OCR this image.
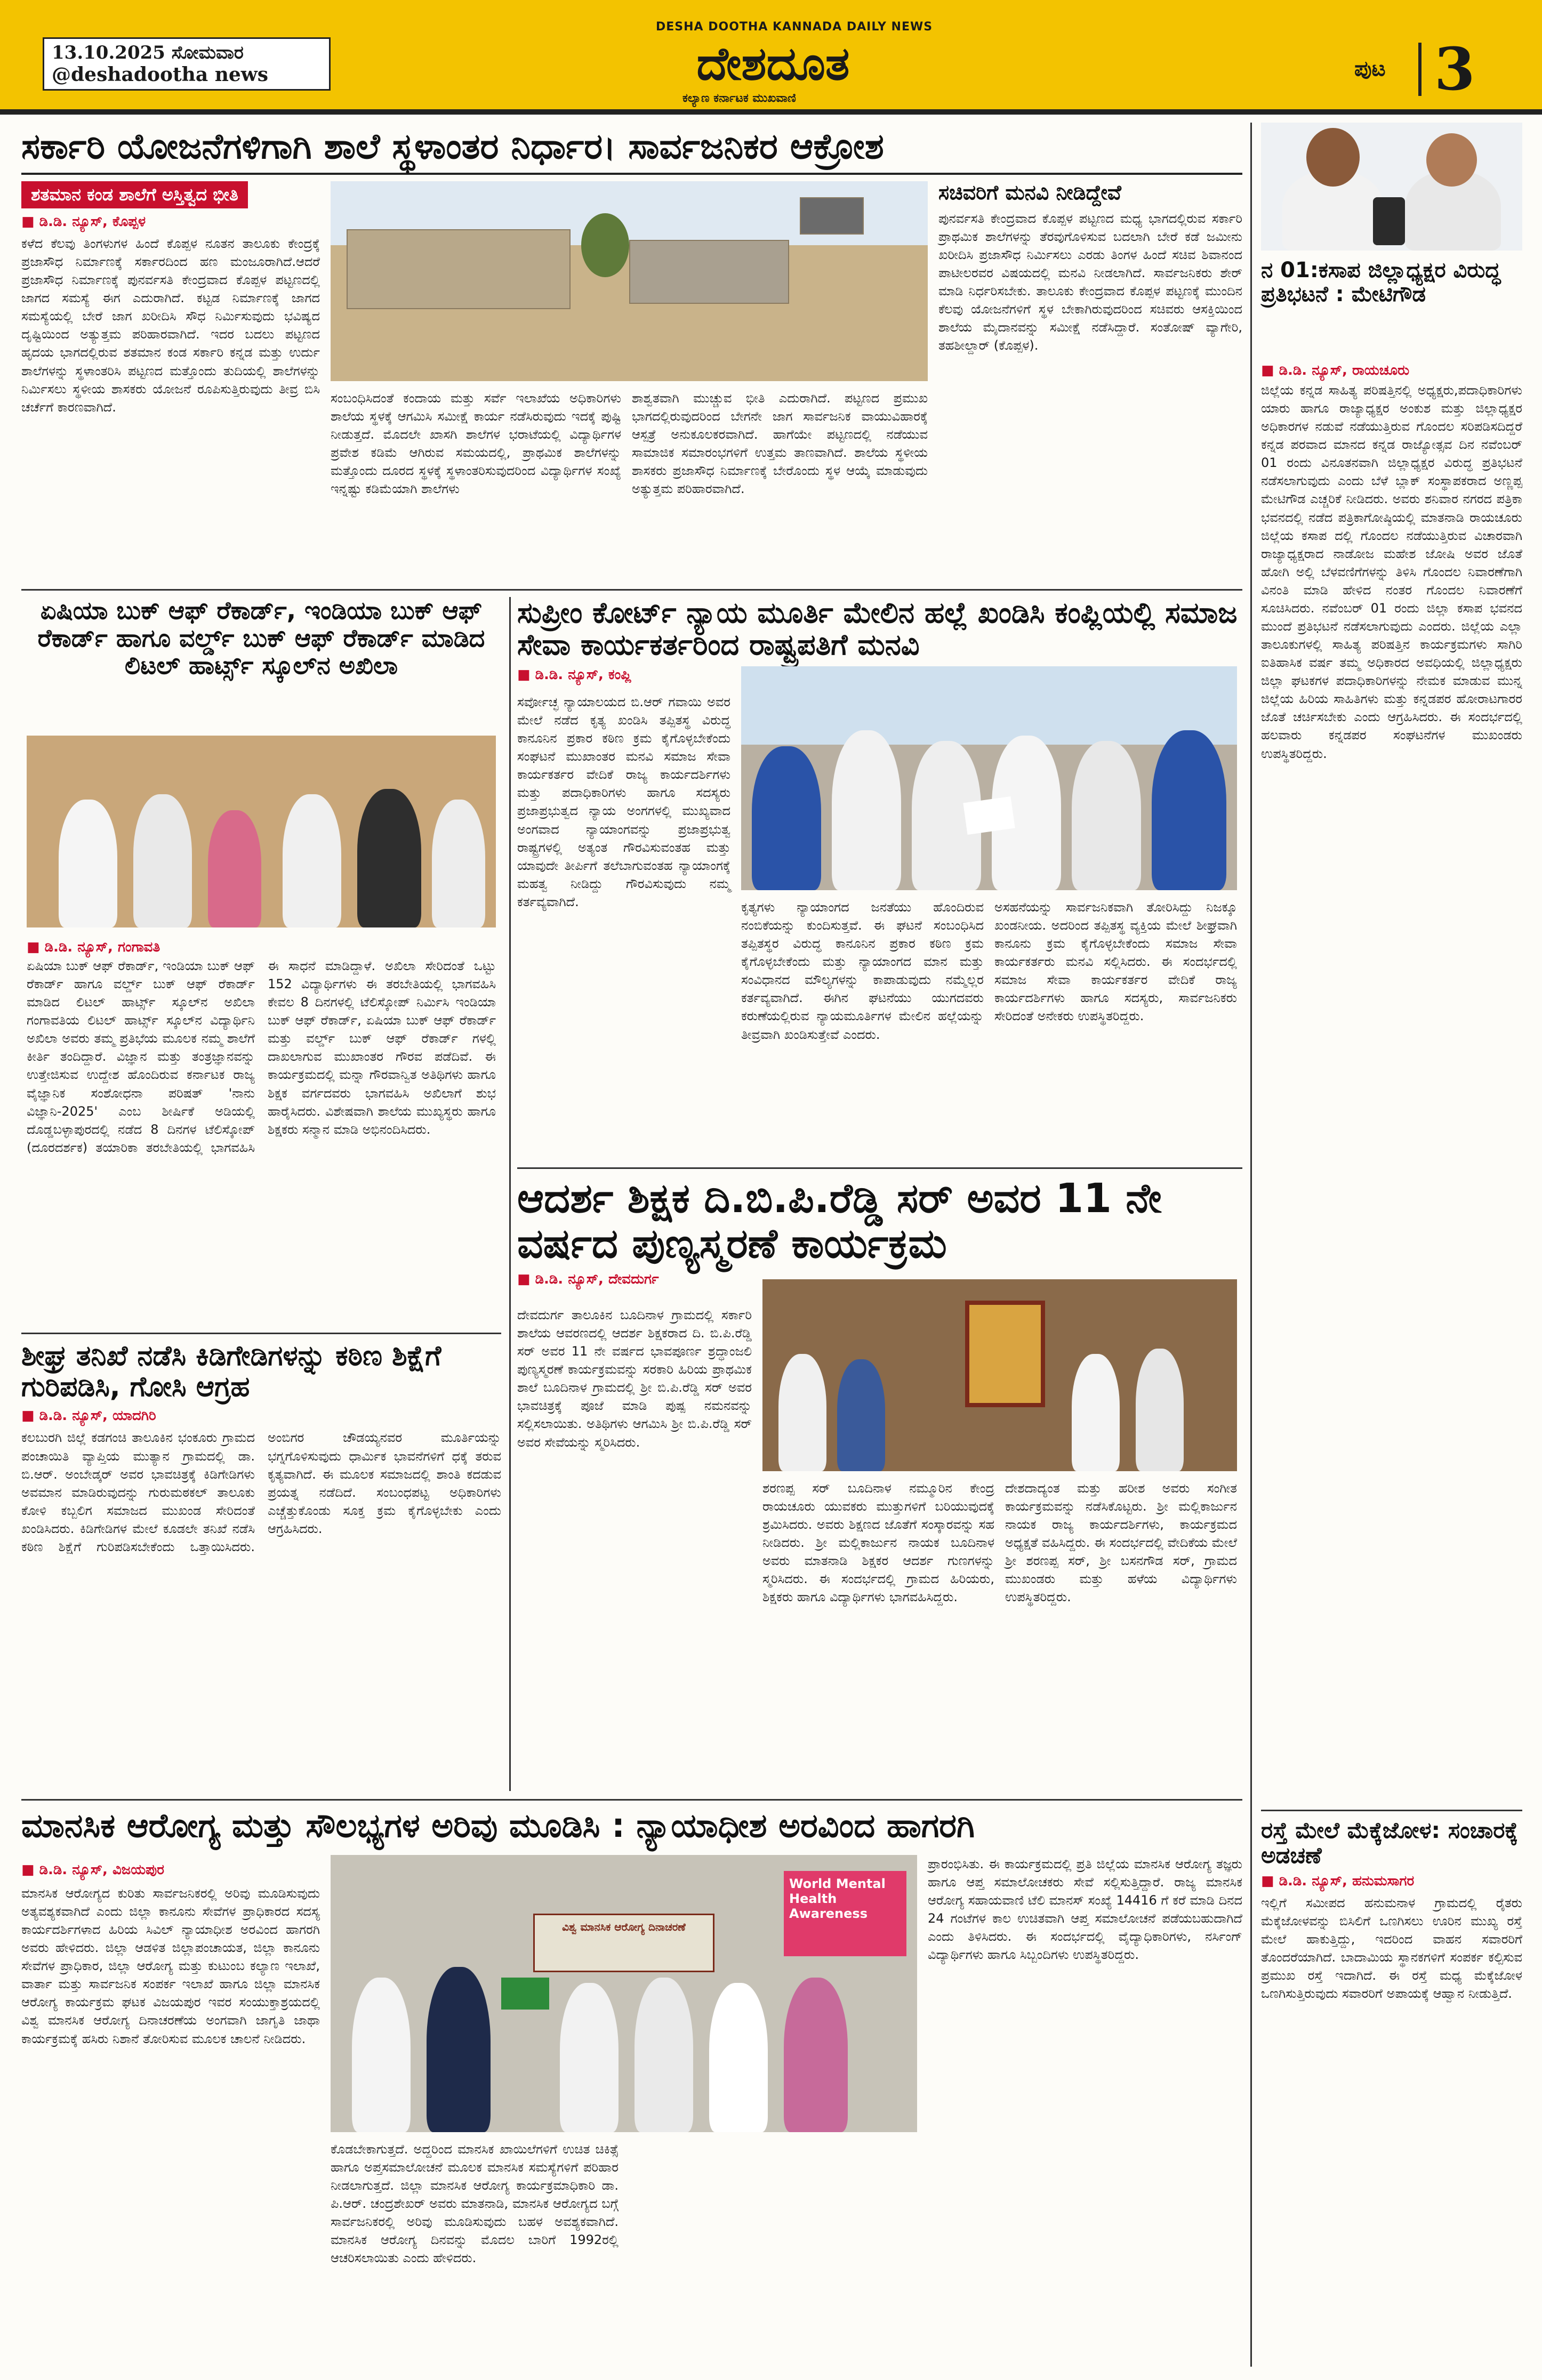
13.10.2025 ಸೋಮವಾರ
@deshadootha news
DESHA DOOTHA KANNADA DAILY NEWS
ದೇಶದೂತ
ಕಲ್ಯಾಣ ಕರ್ನಾಟಕ ಮುಖವಾಣಿ
ಪುಟ 3
ಸರ್ಕಾರಿ ಯೋಜನೆಗಳಿಗಾಗಿ ಶಾಲೆ ಸ್ಥಳಾಂತರ ನಿರ್ಧಾರ। ಸಾರ್ವಜನಿಕರ ಆಕ್ರೋಶ
ಶತಮಾನ ಕಂಡ ಶಾಲೆಗೆ ಅಸ್ತಿತ್ವದ ಭೀತಿ
■ ಡಿ.ಡಿ. ನ್ಯೂಸ್, ಕೊಪ್ಪಳ

ಕಳೆದ ಕೆಲವು ತಿಂಗಳುಗಳ ಹಿಂದೆ ಕೊಪ್ಪಳ ನೂತನ ತಾಲೂಕು ಕೇಂದ್ರಕ್ಕೆ ಪ್ರಜಾಸೌಧ ನಿರ್ಮಾಣಕ್ಕೆ ಸರ್ಕಾರದಿಂದ ಹಣ ಮಂಜೂರಾಗಿದೆ.ಆದರೆ ಪ್ರಜಾಸೌಧ ನಿರ್ಮಾಣಕ್ಕೆ ಪುನರ್ವಸತಿ ಕೇಂದ್ರವಾದ ಕೊಪ್ಪಳ ಪಟ್ಟಣದಲ್ಲಿ ಜಾಗದ ಸಮಸ್ಯೆ ಈಗ ಎದುರಾಗಿದೆ. ಕಟ್ಟಡ ನಿರ್ಮಾಣಕ್ಕೆ ಜಾಗದ ಸಮಸ್ಯೆಯಲ್ಲಿ ಬೇರೆ ಜಾಗ ಖರೀದಿಸಿ ಸೌಧ ನಿರ್ಮಿಸುವುದು ಭವಿಷ್ಯದ ದೃಷ್ಟಿಯಿಂದ ಅತ್ಯುತ್ತಮ ಪರಿಹಾರವಾಗಿದೆ. ಇದರ ಬದಲು ಪಟ್ಟಣದ ಹೃದಯ ಭಾಗದಲ್ಲಿರುವ ಶತಮಾನ ಕಂಡ ಸರ್ಕಾರಿ ಕನ್ನಡ ಮತ್ತು ಉರ್ದು ಶಾಲೆಗಳನ್ನು ಸ್ಥಳಾಂತರಿಸಿ ಪಟ್ಟಣದ ಮತ್ತೊಂದು ತುದಿಯಲ್ಲಿ ಶಾಲೆಗಳನ್ನು ನಿರ್ಮಿಸಲು ಸ್ಥಳೀಯ ಶಾಸಕರು ಯೋಜನೆ ರೂಪಿಸುತ್ತಿರುವುದು ತೀವ್ರ ಬಿಸಿ ಚರ್ಚೆಗೆ ಕಾರಣವಾಗಿದೆ.

ಸಂಬಂಧಿಸಿದಂತೆ ಕಂದಾಯ ಮತ್ತು ಸರ್ವೆ ಇಲಾಖೆಯ ಅಧಿಕಾರಿಗಳು ಶಾಲೆಯ ಸ್ಥಳಕ್ಕೆ ಆಗಮಿಸಿ ಸಮೀಕ್ಷೆ ಕಾರ್ಯ ನಡೆಸಿರುವುದು ಇದಕ್ಕೆ ಪುಷ್ಟಿ ನೀಡುತ್ತದೆ. ಮೊದಲೇ ಖಾಸಗಿ ಶಾಲೆಗಳ ಭರಾಟೆಯಲ್ಲಿ ವಿದ್ಯಾರ್ಥಿಗಳ ಪ್ರವೇಶ ಕಡಿಮೆ ಆಗಿರುವ ಸಮಯದಲ್ಲಿ, ಪ್ರಾಥಮಿಕ ಶಾಲೆಗಳನ್ನು ಮತ್ತೊಂದು ದೂರದ ಸ್ಥಳಕ್ಕೆ ಸ್ಥಳಾಂತರಿಸುವುದರಿಂದ ವಿದ್ಯಾರ್ಥಿಗಳ ಸಂಖ್ಯೆ ಇನ್ನಷ್ಟು ಕಡಿಮೆಯಾಗಿ ಶಾಲೆಗಳು

ಶಾಶ್ವತವಾಗಿ ಮುಚ್ಚುವ ಭೀತಿ ಎದುರಾಗಿದೆ. ಪಟ್ಟಣದ ಪ್ರಮುಖ ಭಾಗದಲ್ಲಿರುವುದರಿಂದ ಬೇಗನೇ ಜಾಗ ಸಾರ್ವಜನಿಕ ವಾಯುವಿಹಾರಕ್ಕೆ ಆಸ್ಪತ್ರೆ ಅನುಕೂಲಕರವಾಗಿದೆ. ಹಾಗೆಯೇ ಪಟ್ಟಣದಲ್ಲಿ ನಡೆಯುವ ಸಾಮಾಜಿಕ ಸಮಾರಂಭಗಳಿಗೆ ಉತ್ತಮ ತಾಣವಾಗಿದೆ. ಶಾಲೆಯ ಸ್ಥಳೀಯ ಶಾಸಕರು ಪ್ರಜಾಸೌಧ ನಿರ್ಮಾಣಕ್ಕೆ ಬೇರೊಂದು ಸ್ಥಳ ಆಯ್ಕೆ ಮಾಡುವುದು ಅತ್ಯುತ್ತಮ ಪರಿಹಾರವಾಗಿದೆ.

ಸಚಿವರಿಗೆ ಮನವಿ ನೀಡಿದ್ದೇವೆ

ಪುನರ್ವಸತಿ ಕೇಂದ್ರವಾದ ಕೊಪ್ಪಳ ಪಟ್ಟಣದ ಮಧ್ಯ ಭಾಗದಲ್ಲಿರುವ ಸರ್ಕಾರಿ ಪ್ರಾಥಮಿಕ ಶಾಲೆಗಳನ್ನು ತೆರವುಗೊಳಿಸುವ ಬದಲಾಗಿ ಬೇರೆ ಕಡೆ ಜಮೀನು ಖರೀದಿಸಿ ಪ್ರಜಾಸೌಧ ನಿರ್ಮಿಸಲು ಎರಡು ತಿಂಗಳ ಹಿಂದೆ ಸಚಿವ ಶಿವಾನಂದ ಪಾಟೀಲರವರ ವಿಷಯದಲ್ಲಿ ಮನವಿ ನೀಡಲಾಗಿದೆ. ಸಾರ್ವಜನಿಕರು ಶೇರ್ ಮಾಡಿ ನಿರ್ಧರಿಸಬೇಕು. ತಾಲೂಕು ಕೇಂದ್ರವಾದ ಕೊಪ್ಪಳ ಪಟ್ಟಣಕ್ಕೆ ಮುಂದಿನ ಕೆಲವು ಯೋಜನೆಗಳಿಗೆ ಸ್ಥಳ ಬೇಕಾಗಿರುವುದರಿಂದ ಸಚಿವರು ಆಸಕ್ತಿಯಿಂದ ಶಾಲೆಯ ಮೈದಾನವನ್ನು ಸಮೀಕ್ಷೆ ನಡೆಸಿದ್ದಾರೆ. ಸಂತೋಷ್ ವ್ಯಾಗೇರಿ, ತಹಶೀಲ್ದಾರ್ (ಕೊಪ್ಪಳ).

ನ 01:ಕಸಾಪ ಜಿಲ್ಲಾಧ್ಯಕ್ಷರ ವಿರುದ್ಧ ಪ್ರತಿಭಟನೆ : ಮೇಟಿಗೌಡ
■ ಡಿ.ಡಿ. ನ್ಯೂಸ್, ರಾಯಚೂರು

ಜಿಲ್ಲೆಯ ಕನ್ನಡ ಸಾಹಿತ್ಯ ಪರಿಷತ್ತಿನಲ್ಲಿ ಅಧ್ಯಕ್ಷರು,ಪದಾಧಿಕಾರಿಗಳು ಯಾರು ಹಾಗೂ ರಾಜ್ಯಾಧ್ಯಕ್ಷರ ಅಂಕುಶ ಮತ್ತು ಜಿಲ್ಲಾಧ್ಯಕ್ಷರ ಅಧಿಕಾರಗಳ ನಡುವೆ ನಡೆಯುತ್ತಿರುವ ಗೊಂದಲ ಸರಿಪಡಿಸದಿದ್ದರೆ ಕನ್ನಡ ಪರವಾದ ಮಾನದ ಕನ್ನಡ ರಾಜ್ಯೋತ್ಸವ ದಿನ ನವೆಂಬರ್ 01 ರಂದು ವಿನೂತನವಾಗಿ ಜಿಲ್ಲಾಧ್ಯಕ್ಷರ ವಿರುದ್ಧ ಪ್ರತಿಭಟನೆ ನಡೆಸಲಾಗುವುದು ಎಂದು ಬೆಳೆ ಬ್ಲಾಕ್ ಸಂಸ್ಥಾಪಕರಾದ ಅಣ್ಣಪ್ಪ ಮೇಟಿಗೌಡ ಎಚ್ಚರಿಕೆ ನೀಡಿದರು. ಅವರು ಶನಿವಾರ ನಗರದ ಪತ್ರಿಕಾ ಭವನದಲ್ಲಿ ನಡೆದ ಪತ್ರಿಕಾಗೋಷ್ಠಿಯಲ್ಲಿ ಮಾತನಾಡಿ ರಾಯಚೂರು ಜಿಲ್ಲೆಯ ಕಸಾಪ ದಲ್ಲಿ ಗೊಂದಲ ನಡೆಯುತ್ತಿರುವ ವಿಚಾರವಾಗಿ ರಾಜ್ಯಾಧ್ಯಕ್ಷರಾದ ನಾಡೋಜ ಮಹೇಶ ಜೋಷಿ ಅವರ ಜೊತೆ ಹೋಗಿ ಅಲ್ಲಿ ಬೆಳವಣಿಗೆಗಳನ್ನು ತಿಳಿಸಿ ಗೊಂದಲ ನಿವಾರಣೆಗಾಗಿ ವಿನಂತಿ ಮಾಡಿ ಹೇಳಿದ ನಂತರ ಗೊಂದಲ ನಿವಾರಣೆಗೆ ಸೂಚಿಸಿದರು. ನವೆಂಬರ್ 01 ರಂದು ಜಿಲ್ಲಾ ಕಸಾಪ ಭವನದ ಮುಂದೆ ಪ್ರತಿಭಟನೆ ನಡೆಸಲಾಗುವುದು ಎಂದರು. ಜಿಲ್ಲೆಯ ಎಲ್ಲಾ ತಾಲೂಕುಗಳಲ್ಲಿ ಸಾಹಿತ್ಯ ಪರಿಷತ್ತಿನ ಕಾರ್ಯಕ್ರಮಗಳು ಸಾಗಿರಿ ಐತಿಹಾಸಿಕ ವರ್ಷ ತಮ್ಮ ಅಧಿಕಾರದ ಅವಧಿಯಲ್ಲಿ ಜಿಲ್ಲಾಧ್ಯಕ್ಷರು ಜಿಲ್ಲಾ ಘಟಕಗಳ ಪದಾಧಿಕಾರಿಗಳನ್ನು ನೇಮಕ ಮಾಡುವ ಮುನ್ನ ಜಿಲ್ಲೆಯ ಹಿರಿಯ ಸಾಹಿತಿಗಳು ಮತ್ತು ಕನ್ನಡಪರ ಹೋರಾಟಗಾರರ ಜೊತೆ ಚರ್ಚಿಸಬೇಕು ಎಂದು ಆಗ್ರಹಿಸಿದರು. ಈ ಸಂದರ್ಭದಲ್ಲಿ ಹಲವಾರು ಕನ್ನಡಪರ ಸಂಘಟನೆಗಳ ಮುಖಂಡರು ಉಪಸ್ಥಿತರಿದ್ದರು.

ರಸ್ತೆ ಮೇಲೆ ಮೆಕ್ಕೆಜೋಳ: ಸಂಚಾರಕ್ಕೆ ಅಡಚಣೆ
■ ಡಿ.ಡಿ. ನ್ಯೂಸ್, ಹನುಮಸಾಗರ

ಇಲ್ಲಿಗೆ ಸಮೀಪದ ಹನುಮನಾಳ ಗ್ರಾಮದಲ್ಲಿ ರೈತರು ಮೆಕ್ಕೆಜೋಳವನ್ನು ಬಿಸಿಲಿಗೆ ಒಣಗಿಸಲು ಊರಿನ ಮುಖ್ಯ ರಸ್ತೆ ಮೇಲೆ ಹಾಕುತ್ತಿದ್ದು, ಇದರಿಂದ ವಾಹನ ಸವಾರರಿಗೆ ತೊಂದರೆಯಾಗಿದೆ. ಬಾದಾಮಿಯ ಸ್ಥಾನಕಗಳಿಗೆ ಸಂಪರ್ಕ ಕಲ್ಪಿಸುವ ಪ್ರಮುಖ ರಸ್ತೆ ಇದಾಗಿದೆ. ಈ ರಸ್ತೆ ಮಧ್ಯ ಮೆಕ್ಕೆಜೋಳ ಒಣಗಿಸುತ್ತಿರುವುದು ಸವಾರರಿಗೆ ಅಪಾಯಕ್ಕೆ ಆಹ್ವಾನ ನೀಡುತ್ತಿದೆ.

ಏಷಿಯಾ ಬುಕ್ ಆಫ್ ರೆಕಾರ್ಡ್, ಇಂಡಿಯಾ ಬುಕ್ ಆಫ್ ರೆಕಾರ್ಡ್ ಹಾಗೂ ವರ್ಲ್ಡ್ ಬುಕ್ ಆಫ್ ರೆಕಾರ್ಡ್ ಮಾಡಿದ ಲಿಟಲ್ ಹಾರ್ಟ್ಸ್ ಸ್ಕೂಲ್‌ನ ಅಖಿಲಾ
■ ಡಿ.ಡಿ. ನ್ಯೂಸ್, ಗಂಗಾವತಿ

ಏಷಿಯಾ ಬುಕ್ ಆಫ್ ರೆಕಾರ್ಡ್, ಇಂಡಿಯಾ ಬುಕ್ ಆಫ್ ರೆಕಾರ್ಡ್ ಹಾಗೂ ವರ್ಲ್ಡ್ ಬುಕ್ ಆಫ್ ರೆಕಾರ್ಡ್ ಮಾಡಿದ ಲಿಟಲ್ ಹಾರ್ಟ್ಸ್ ಸ್ಕೂಲ್‌ನ ಅಖಿಲಾ ಗಂಗಾವತಿಯ ಲಿಟಲ್ ಹಾರ್ಟ್ಸ್ ಸ್ಕೂಲ್‌ನ ವಿದ್ಯಾರ್ಥಿನಿ ಅಖಿಲಾ ಅವರು ತಮ್ಮ ಪ್ರತಿಭೆಯ ಮೂಲಕ ನಮ್ಮ ಶಾಲೆಗೆ ಕೀರ್ತಿ ತಂದಿದ್ದಾರೆ. ವಿಜ್ಞಾನ ಮತ್ತು ತಂತ್ರಜ್ಞಾನವನ್ನು ಉತ್ತೇಜಿಸುವ ಉದ್ದೇಶ ಹೊಂದಿರುವ ಕರ್ನಾಟಕ ರಾಜ್ಯ ವೈಜ್ಞಾನಿಕ ಸಂಶೋಧನಾ ಪರಿಷತ್ 'ನಾನು ವಿಜ್ಞಾನಿ-2025' ಎಂಬ ಶೀರ್ಷಿಕೆ ಅಡಿಯಲ್ಲಿ ದೊಡ್ಡಬಳ್ಳಾಪುರದಲ್ಲಿ ನಡೆದ 8 ದಿನಗಳ ಟೆಲಿಸ್ಕೋಪ್ (ದೂರದರ್ಶಕ) ತಯಾರಿಕಾ ತರಬೇತಿಯಲ್ಲಿ ಭಾಗವಹಿಸಿ ಈ ಸಾಧನೆ ಮಾಡಿದ್ದಾಳೆ. ಅಖಿಲಾ ಸೇರಿದಂತೆ ಒಟ್ಟು 152 ವಿದ್ಯಾರ್ಥಿಗಳು ಈ ತರಬೇತಿಯಲ್ಲಿ ಭಾಗವಹಿಸಿ ಕೇವಲ 8 ದಿನಗಳಲ್ಲಿ ಟೆಲಿಸ್ಕೋಪ್ ನಿರ್ಮಿಸಿ ಇಂಡಿಯಾ ಬುಕ್ ಆಫ್ ರೆಕಾರ್ಡ್, ಏಷಿಯಾ ಬುಕ್ ಆಫ್ ರೆಕಾರ್ಡ್ ಮತ್ತು ವರ್ಲ್ಡ್ ಬುಕ್ ಆಫ್ ರೆಕಾರ್ಡ್ ಗಳಲ್ಲಿ ದಾಖಲಾಗುವ ಮುಖಾಂತರ ಗೌರವ ಪಡೆದಿವೆ. ಈ ಕಾರ್ಯಕ್ರಮದಲ್ಲಿ ಮನ್ನಾ ಗೌರವಾನ್ವಿತ ಅತಿಥಿಗಳು ಹಾಗೂ ಶಿಕ್ಷಕ ವರ್ಗದವರು ಭಾಗವಹಿಸಿ ಅಖಿಲಾಗೆ ಶುಭ ಹಾರೈಸಿದರು. ವಿಶೇಷವಾಗಿ ಶಾಲೆಯ ಮುಖ್ಯಸ್ಥರು ಹಾಗೂ ಶಿಕ್ಷಕರು ಸನ್ಮಾನ ಮಾಡಿ ಅಭಿನಂದಿಸಿದರು.

ಸುಪ್ರೀಂ ಕೋರ್ಟ್ ನ್ಯಾಯ ಮೂರ್ತಿ ಮೇಲಿನ ಹಲ್ಲೆ ಖಂಡಿಸಿ ಕಂಪ್ಲಿಯಲ್ಲಿ ಸಮಾಜ ಸೇವಾ ಕಾರ್ಯಕರ್ತರಿಂದ ರಾಷ್ಟ್ರಪತಿಗೆ ಮನವಿ
■ ಡಿ.ಡಿ. ನ್ಯೂಸ್, ಕಂಪ್ಲಿ

ಸರ್ವೋಚ್ಛ ನ್ಯಾಯಾಲಯದ ಬಿ.ಆರ್ ಗವಾಯಿ ಅವರ ಮೇಲೆ ನಡೆದ ಕೃತ್ಯ ಖಂಡಿಸಿ ತಪ್ಪಿತಸ್ಥ ವಿರುದ್ಧ ಕಾನೂನಿನ ಪ್ರಕಾರ ಕಠಿಣ ಕ್ರಮ ಕೈಗೊಳ್ಳಬೇಕೆಂದು ಸಂಘಟನೆ ಮುಖಾಂತರ ಮನವಿ ಸಮಾಜ ಸೇವಾ ಕಾರ್ಯಕರ್ತರ ವೇದಿಕೆ ರಾಜ್ಯ ಕಾರ್ಯದರ್ಶಿಗಳು ಮತ್ತು ಪದಾಧಿಕಾರಿಗಳು ಹಾಗೂ ಸದಸ್ಯರು ಪ್ರಜಾಪ್ರಭುತ್ವದ ನ್ಯಾಯ ಅಂಗಗಳಲ್ಲಿ ಮುಖ್ಯವಾದ ಅಂಗವಾದ ನ್ಯಾಯಾಂಗವನ್ನು ಪ್ರಜಾಪ್ರಭುತ್ವ ರಾಷ್ಟ್ರಗಳಲ್ಲಿ ಅತ್ಯಂತ ಗೌರವಿಸುವಂತಹ ಮತ್ತು ಯಾವುದೇ ತೀರ್ಪಿಗೆ ತಲೆಬಾಗುವಂತಹ ನ್ಯಾಯಾಂಗಕ್ಕೆ ಮಹತ್ವ ನೀಡಿದ್ದು ಗೌರವಿಸುವುದು ನಮ್ಮ ಕರ್ತವ್ಯವಾಗಿದೆ.	ಕೃತ್ಯಗಳು ನ್ಯಾಯಾಂಗದ ಜನತೆಯು ಹೊಂದಿರುವ ನಂಬಿಕೆಯನ್ನು ಕುಂದಿಸುತ್ತವೆ. ಈ ಘಟನೆ ಸಂಬಂಧಿಸಿದ ತಪ್ಪಿತಸ್ಥರ ವಿರುದ್ಧ ಕಾನೂನಿನ ಪ್ರಕಾರ ಕಠಿಣ ಕ್ರಮ ಕೈಗೊಳ್ಳಬೇಕೆಂದು ಮತ್ತು ನ್ಯಾಯಾಂಗದ ಮಾನ ಮತ್ತು ಸಂವಿಧಾನದ ಮೌಲ್ಯಗಳನ್ನು ಕಾಪಾಡುವುದು ನಮ್ಮೆಲ್ಲರ ಕರ್ತವ್ಯವಾಗಿದೆ. ಈಗಿನ ಘಟನೆಯು ಯುಗದವರು ಕರುಣೆಯಲ್ಲಿರುವ ನ್ಯಾಯಮೂರ್ತಿಗಳ ಮೇಲಿನ ಹಲ್ಲೆಯನ್ನು ತೀವ್ರವಾಗಿ ಖಂಡಿಸುತ್ತೇವೆ ಎಂದರು.

ಅಸಹನೆಯನ್ನು ಸಾರ್ವಜನಿಕವಾಗಿ ತೋರಿಸಿದ್ದು ನಿಜಕ್ಕೂ ಖಂಡನೀಯ. ಅದರಿಂದ ತಪ್ಪಿತಸ್ಥ ವ್ಯಕ್ತಿಯ ಮೇಲೆ ಶೀಘ್ರವಾಗಿ ಕಾನೂನು ಕ್ರಮ ಕೈಗೊಳ್ಳಬೇಕೆಂದು ಸಮಾಜ ಸೇವಾ ಕಾರ್ಯಕರ್ತರು ಮನವಿ ಸಲ್ಲಿಸಿದರು. ಈ ಸಂದರ್ಭದಲ್ಲಿ ಸಮಾಜ ಸೇವಾ ಕಾರ್ಯಕರ್ತರ ವೇದಿಕೆ ರಾಜ್ಯ ಕಾರ್ಯದರ್ಶಿಗಳು ಹಾಗೂ ಸದಸ್ಯರು, ಸಾರ್ವಜನಿಕರು ಸೇರಿದಂತೆ ಅನೇಕರು ಉಪಸ್ಥಿತರಿದ್ದರು.

ಆದರ್ಶ ಶಿಕ್ಷಕ ದಿ.ಬಿ.ಪಿ.ರೆಡ್ಡಿ ಸರ್ ಅವರ 11 ನೇ ವರ್ಷದ ಪುಣ್ಯಸ್ಮರಣೆ ಕಾರ್ಯಕ್ರಮ
■ ಡಿ.ಡಿ. ನ್ಯೂಸ್, ದೇವದುರ್ಗ

ದೇವದುರ್ಗ ತಾಲೂಕಿನ ಬೂದಿನಾಳ ಗ್ರಾಮದಲ್ಲಿ ಸರ್ಕಾರಿ ಶಾಲೆಯ ಆವರಣದಲ್ಲಿ ಆದರ್ಶ ಶಿಕ್ಷಕರಾದ ದಿ. ಬಿ.ಪಿ.ರೆಡ್ಡಿ ಸರ್ ಅವರ 11 ನೇ ವರ್ಷದ ಭಾವಪೂರ್ಣ ಶ್ರದ್ಧಾಂಜಲಿ ಪುಣ್ಯಸ್ಮರಣೆ ಕಾರ್ಯಕ್ರಮವನ್ನು ಸರಕಾರಿ ಹಿರಿಯ ಪ್ರಾಥಮಿಕ ಶಾಲೆ ಬೂದಿನಾಳ ಗ್ರಾಮದಲ್ಲಿ ಶ್ರೀ ಬಿ.ಪಿ.ರೆಡ್ಡಿ ಸರ್ ಅವರ ಭಾವಚಿತ್ರಕ್ಕೆ ಪೂಜೆ ಮಾಡಿ ಪುಷ್ಪ ನಮನವನ್ನು ಸಲ್ಲಿಸಲಾಯಿತು. ಅತಿಥಿಗಳು ಆಗಮಿಸಿ ಶ್ರೀ ಬಿ.ಪಿ.ರೆಡ್ಡಿ ಸರ್ ಅವರ ಸೇವೆಯನ್ನು ಸ್ಮರಿಸಿದರು.

ಶರಣಪ್ಪ ಸರ್ ಬೂದಿನಾಳ ನಮ್ಮೂರಿನ ಕೇಂದ್ರ ರಾಯಚೂರು ಯುವಕರು ಮುತ್ತುಗಳಿಗೆ ಬರಿಯುವುದಕ್ಕೆ ಶ್ರಮಿಸಿದರು. ಅವರು ಶಿಕ್ಷಣದ ಜೊತೆಗೆ ಸಂಸ್ಕಾರವನ್ನು ಸಹ ನೀಡಿದರು. ಶ್ರೀ ಮಲ್ಲಿಕಾರ್ಜುನ ನಾಯಕ ಬೂದಿನಾಳ ಅವರು ಮಾತನಾಡಿ ಶಿಕ್ಷಕರ ಆದರ್ಶ ಗುಣಗಳನ್ನು ಸ್ಮರಿಸಿದರು. ಈ ಸಂದರ್ಭದಲ್ಲಿ ಗ್ರಾಮದ ಹಿರಿಯರು, ಶಿಕ್ಷಕರು ಹಾಗೂ ವಿದ್ಯಾರ್ಥಿಗಳು ಭಾಗವಹಿಸಿದ್ದರು.

ದೇಶದಾದ್ಯಂತ ಮತ್ತು ಹರೀಶ ಅವರು ಸಂಗೀತ ಕಾರ್ಯಕ್ರಮವನ್ನು ನಡೆಸಿಕೊಟ್ಟರು. ಶ್ರೀ ಮಲ್ಲಿಕಾರ್ಜುನ ನಾಯಕ ರಾಜ್ಯ ಕಾರ್ಯದರ್ಶಿಗಳು, ಕಾರ್ಯಕ್ರಮದ ಅಧ್ಯಕ್ಷತೆ ವಹಿಸಿದ್ದರು. ಈ ಸಂದರ್ಭದಲ್ಲಿ ವೇದಿಕೆಯ ಮೇಲೆ ಶ್ರೀ ಶರಣಪ್ಪ ಸರ್, ಶ್ರೀ ಬಸನಗೌಡ ಸರ್, ಗ್ರಾಮದ ಮುಖಂಡರು ಮತ್ತು ಹಳೆಯ ವಿದ್ಯಾರ್ಥಿಗಳು ಉಪಸ್ಥಿತರಿದ್ದರು.

ಶೀಘ್ರ ತನಿಖೆ ನಡೆಸಿ ಕಿಡಿಗೇಡಿಗಳನ್ನು ಕಠಿಣ ಶಿಕ್ಷೆಗೆ ಗುರಿಪಡಿಸಿ, ಗೋಸಿ ಆಗ್ರಹ
■ ಡಿ.ಡಿ. ನ್ಯೂಸ್, ಯಾದಗಿರಿ

ಕಲಬುರಗಿ ಜಿಲ್ಲೆ ಕಡಗಂಚಿ ತಾಲೂಕಿನ ಭಂಕೂರು ಗ್ರಾಮದ ಪಂಚಾಯಿತಿ ವ್ಯಾಪ್ತಿಯ ಮುತ್ಯಾನ ಗ್ರಾಮದಲ್ಲಿ ಡಾ. ಬಿ.ಆರ್. ಅಂಬೇಡ್ಕರ್ ಅವರ ಭಾವಚಿತ್ರಕ್ಕೆ ಕಿಡಿಗೇಡಿಗಳು ಅವಮಾನ ಮಾಡಿರುವುದನ್ನು ಗುರುಮಠಕಲ್ ತಾಲೂಕು ಕೋಳಿ ಕಬ್ಬಲಿಗ ಸಮಾಜದ ಮುಖಂಡ ಸೇರಿದಂತೆ ಖಂಡಿಸಿದರು. ಕಿಡಿಗೇಡಿಗಳ ಮೇಲೆ ಕೂಡಲೇ ತನಿಖೆ ನಡೆಸಿ ಕಠಿಣ ಶಿಕ್ಷೆಗೆ ಗುರಿಪಡಿಸಬೇಕೆಂದು ಒತ್ತಾಯಿಸಿದರು. ಅಂಬಿಗರ ಚೌಡಯ್ಯನವರ ಮೂರ್ತಿಯನ್ನು ಭಗ್ನಗೊಳಿಸುವುದು ಧಾರ್ಮಿಕ ಭಾವನೆಗಳಿಗೆ ಧಕ್ಕೆ ತರುವ ಕೃತ್ಯವಾಗಿದೆ. ಈ ಮೂಲಕ ಸಮಾಜದಲ್ಲಿ ಶಾಂತಿ ಕದಡುವ ಪ್ರಯತ್ನ ನಡೆದಿದೆ. ಸಂಬಂಧಪಟ್ಟ ಅಧಿಕಾರಿಗಳು ಎಚ್ಚೆತ್ತುಕೊಂಡು ಸೂಕ್ತ ಕ್ರಮ ಕೈಗೊಳ್ಳಬೇಕು ಎಂದು ಆಗ್ರಹಿಸಿದರು.

ಮಾನಸಿಕ ಆರೋಗ್ಯ ಮತ್ತು ಸೌಲಭ್ಯಗಳ ಅರಿವು ಮೂಡಿಸಿ : ನ್ಯಾಯಾಧೀಶ ಅರವಿಂದ ಹಾಗರಗಿ

■ ಡಿ.ಡಿ. ನ್ಯೂಸ್, ವಿಜಯಪುರ
ಮಾನಸಿಕ ಆರೋಗ್ಯದ ಕುರಿತು ಸಾರ್ವಜನಿಕರಲ್ಲಿ ಅರಿವು ಮೂಡಿಸುವುದು ಅತ್ಯವಶ್ಯಕವಾಗಿದೆ ಎಂದು ಜಿಲ್ಲಾ ಕಾನೂನು ಸೇವೆಗಳ ಪ್ರಾಧಿಕಾರದ ಸದಸ್ಯ ಕಾರ್ಯದರ್ಶಿಗಳಾದ ಹಿರಿಯ ಸಿವಿಲ್ ನ್ಯಾಯಾಧೀಶ ಅರವಿಂದ ಹಾಗರಗಿ ಅವರು ಹೇಳಿದರು. ಜಿಲ್ಲಾ ಆಡಳಿತ ಜಿಲ್ಲಾಪಂಚಾಯತ, ಜಿಲ್ಲಾ ಕಾನೂನು ಸೇವೆಗಳ ಪ್ರಾಧಿಕಾರ, ಜಿಲ್ಲಾ ಆರೋಗ್ಯ ಮತ್ತು ಕುಟುಂಬ ಕಲ್ಯಾಣ ಇಲಾಖೆ, ವಾರ್ತಾ ಮತ್ತು ಸಾರ್ವಜನಿಕ ಸಂಪರ್ಕ ಇಲಾಖೆ ಹಾಗೂ ಜಿಲ್ಲಾ ಮಾನಸಿಕ ಆರೋಗ್ಯ ಕಾರ್ಯಕ್ರಮ ಘಟಕ ವಿಜಯಪುರ ಇವರ ಸಂಯುಕ್ತಾಶ್ರಯದಲ್ಲಿ ವಿಶ್ವ ಮಾನಸಿಕ ಆರೋಗ್ಯ ದಿನಾಚರಣೆಯ ಅಂಗವಾಗಿ ಜಾಗೃತಿ ಜಾಥಾ ಕಾರ್ಯಕ್ರಮಕ್ಕೆ ಹಸಿರು ನಿಶಾನೆ ತೋರಿಸುವ ಮೂಲಕ ಚಾಲನೆ ನೀಡಿದರು.

ವಿಶ್ವ ಮಾನಸಿಕ ಆರೋಗ್ಯ ದಿನಾಚರಣೆ
World Mental Health Awareness

ಕೊಡಬೇಕಾಗುತ್ತದೆ. ಅದ್ದರಿಂದ ಮಾನಸಿಕ ಖಾಯಿಲೆಗಳಿಗೆ ಉಚಿತ ಚಿಕಿತ್ಸೆ ಹಾಗೂ ಅಪ್ತಸಮಾಲೋಚನೆ ಮೂಲಕ ಮಾನಸಿಕ ಸಮಸ್ಯೆಗಳಿಗೆ ಪರಿಹಾರ ನೀಡಲಾಗುತ್ತದೆ. ಜಿಲ್ಲಾ ಮಾನಸಿಕ ಆರೋಗ್ಯ ಕಾರ್ಯಕ್ರಮಾಧಿಕಾರಿ ಡಾ. ಪಿ.ಆರ್. ಚಂದ್ರಶೇಖರ್ ಅವರು ಮಾತನಾಡಿ, ಮಾನಸಿಕ ಆರೋಗ್ಯದ ಬಗ್ಗೆ ಸಾರ್ವಜನಿಕರಲ್ಲಿ ಅರಿವು ಮೂಡಿಸುವುದು ಬಹಳ ಅವಶ್ಯಕವಾಗಿದೆ. ಮಾನಸಿಕ ಆರೋಗ್ಯ ದಿನವನ್ನು ಮೊದಲ ಬಾರಿಗೆ 1992ರಲ್ಲಿ ಆಚರಿಸಲಾಯಿತು ಎಂದು ಹೇಳಿದರು.

ಪ್ರಾರಂಭಿಸಿತು. ಈ ಕಾರ್ಯಕ್ರಮದಲ್ಲಿ ಪ್ರತಿ ಜಿಲ್ಲೆಯ ಮಾನಸಿಕ ಆರೋಗ್ಯ ತಜ್ಞರು ಹಾಗೂ ಆಪ್ತ ಸಮಾಲೋಚಕರು ಸೇವೆ ಸಲ್ಲಿಸುತ್ತಿದ್ದಾರೆ. ರಾಜ್ಯ ಮಾನಸಿಕ ಆರೋಗ್ಯ ಸಹಾಯವಾಣಿ ಟೆಲಿ ಮಾನಸ್ ಸಂಖ್ಯೆ 14416 ಗೆ ಕರೆ ಮಾಡಿ ದಿನದ 24 ಗಂಟೆಗಳ ಕಾಲ ಉಚಿತವಾಗಿ ಆಪ್ತ ಸಮಾಲೋಚನೆ ಪಡೆಯಬಹುದಾಗಿದೆ ಎಂದು ತಿಳಿಸಿದರು. ಈ ಸಂದರ್ಭದಲ್ಲಿ ವೈದ್ಯಾಧಿಕಾರಿಗಳು, ನರ್ಸಿಂಗ್ ವಿದ್ಯಾರ್ಥಿಗಳು ಹಾಗೂ ಸಿಬ್ಬಂದಿಗಳು ಉಪಸ್ಥಿತರಿದ್ದರು.
